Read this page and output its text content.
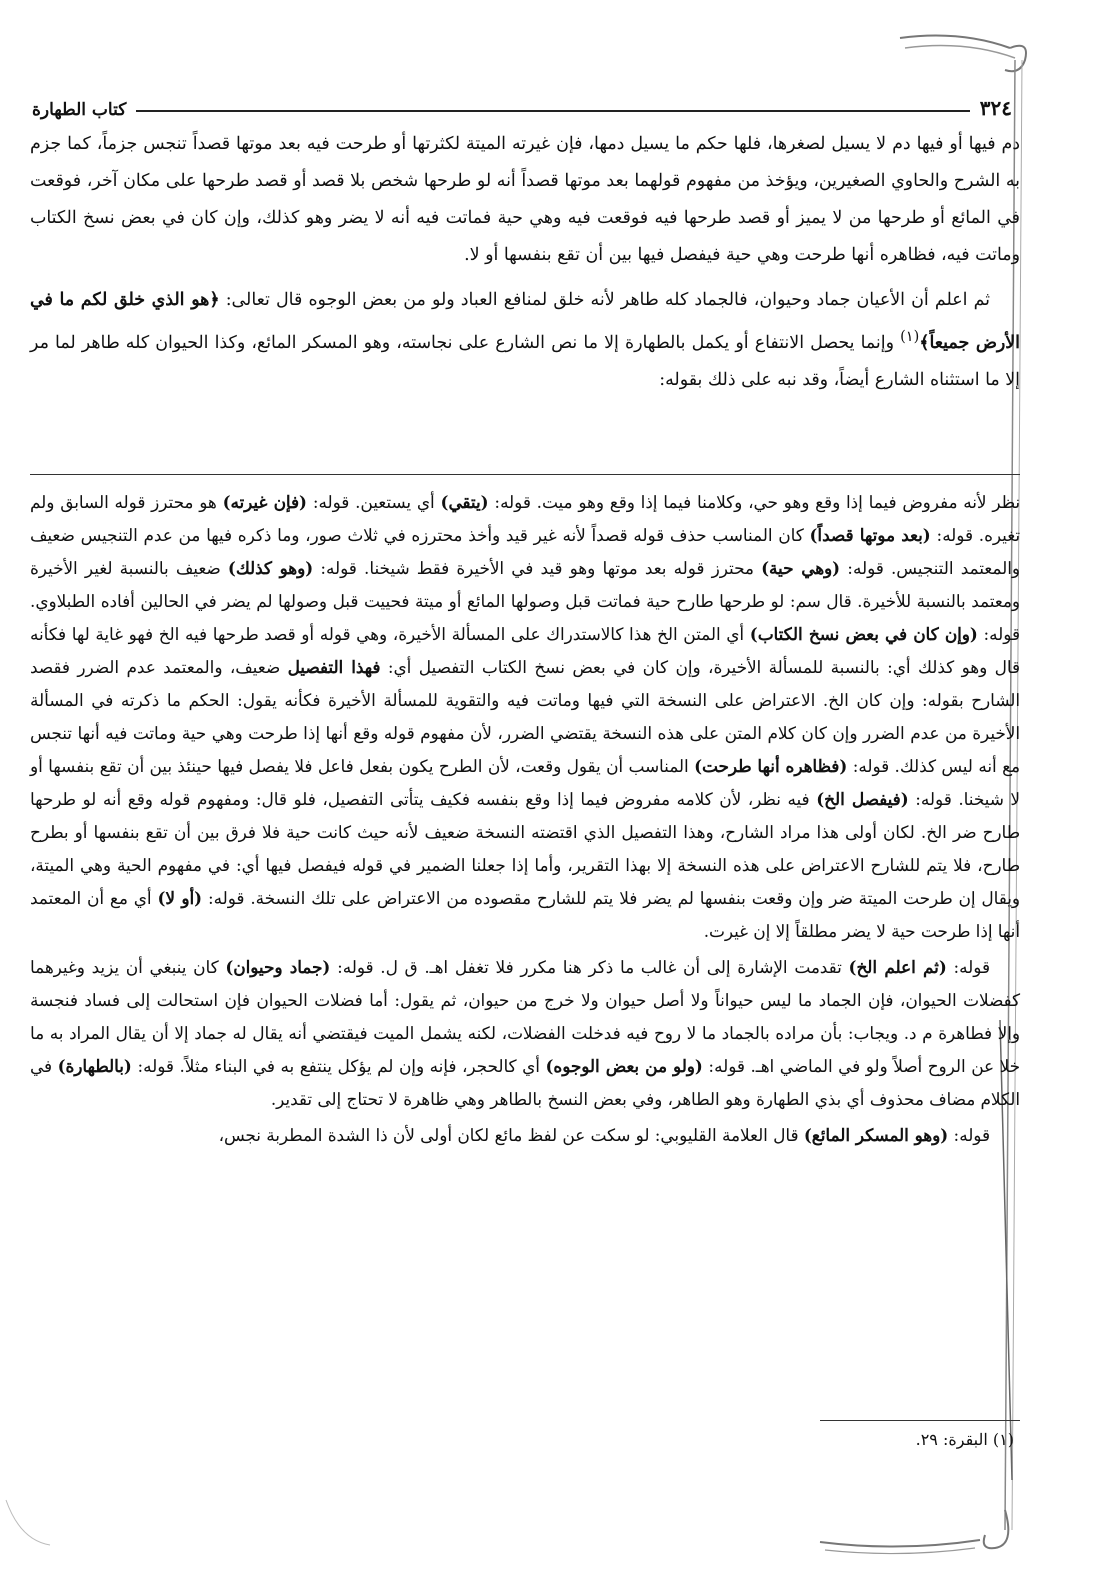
٣٢٤
كتاب الطهارة

دم فيها أو فيها دم لا يسيل لصغرها، فلها حكم ما يسيل دمها، فإن غيرته الميتة لكثرتها أو طرحت فيه بعد موتها قصداً تنجس جزماً، كما جزم به الشرح والحاوي الصغيرين، ويؤخذ من مفهوم قولهما بعد موتها قصداً أنه لو طرحها شخص بلا قصد أو قصد طرحها على مكان آخر، فوقعت في المائع أو طرحها من لا يميز أو قصد طرحها فيه فوقعت فيه وهي حية فماتت فيه أنه لا يضر وهو كذلك، وإن كان في بعض نسخ الكتاب وماتت فيه، فظاهره أنها طرحت وهي حية فيفصل فيها بين أن تقع بنفسها أو لا.

ثم اعلم أن الأعيان جماد وحيوان، فالجماد كله طاهر لأنه خلق لمنافع العباد ولو من بعض الوجوه قال تعالى: ﴿هو الذي خلق لكم ما في الأرض جميعاً﴾$^{(١)}$ وإنما يحصل الانتفاع أو يكمل بالطهارة إلا ما نص الشارع على نجاسته، وهو المسكر المائع، وكذا الحيوان كله طاهر لما مر إلا ما استثناه الشارع أيضاً، وقد نبه على ذلك بقوله:

نظر لأنه مفروض فيما إذا وقع وهو حي، وكلامنا فيما إذا وقع وهو ميت. قوله: (يتقي) أي يستعين. قوله: (فإن غيرته) هو محترز قوله السابق ولم تغيره. قوله: (بعد موتها قصداً) كان المناسب حذف قوله قصداً لأنه غير قيد وأخذ محترزه في ثلاث صور، وما ذكره فيها من عدم التنجيس ضعيف والمعتمد التنجيس. قوله: (وهي حية) محترز قوله بعد موتها وهو قيد في الأخيرة فقط شيخنا. قوله: (وهو كذلك) ضعيف بالنسبة لغير الأخيرة ومعتمد بالنسبة للأخيرة. قال سم: لو طرحها طارح حية فماتت قبل وصولها المائع أو ميتة فحييت قبل وصولها لم يضر في الحالين أفاده الطبلاوي. قوله: (وإن كان في بعض نسخ الكتاب) أي المتن الخ هذا كالاستدراك على المسألة الأخيرة، وهي قوله أو قصد طرحها فيه الخ فهو غاية لها فكأنه قال وهو كذلك أي: بالنسبة للمسألة الأخيرة، وإن كان في بعض نسخ الكتاب التفصيل أي: فهذا التفصيل ضعيف، والمعتمد عدم الضرر فقصد الشارح بقوله: وإن كان الخ. الاعتراض على النسخة التي فيها وماتت فيه والتقوية للمسألة الأخيرة فكأنه يقول: الحكم ما ذكرته في المسألة الأخيرة من عدم الضرر وإن كان كلام المتن على هذه النسخة يقتضي الضرر، لأن مفهوم قوله وقع أنها إذا طرحت وهي حية وماتت فيه أنها تنجس مع أنه ليس كذلك. قوله: (فظاهره أنها طرحت) المناسب أن يقول وقعت، لأن الطرح يكون بفعل فاعل فلا يفصل فيها حينئذ بين أن تقع بنفسها أو لا شيخنا. قوله: (فيفصل الخ) فيه نظر، لأن كلامه مفروض فيما إذا وقع بنفسه فكيف يتأتى التفصيل، فلو قال: ومفهوم قوله وقع أنه لو طرحها طارح ضر الخ. لكان أولى هذا مراد الشارح، وهذا التفصيل الذي اقتضته النسخة ضعيف لأنه حيث كانت حية فلا فرق بين أن تقع بنفسها أو بطرح طارح، فلا يتم للشارح الاعتراض على هذه النسخة إلا بهذا التقرير، وأما إذا جعلنا الضمير في قوله فيفصل فيها أي: في مفهوم الحية وهي الميتة، ويقال إن طرحت الميتة ضر وإن وقعت بنفسها لم يضر فلا يتم للشارح مقصوده من الاعتراض على تلك النسخة. قوله: (أو لا) أي مع أن المعتمد أنها إذا طرحت حية لا يضر مطلقاً إلا إن غيرت.

قوله: (ثم اعلم الخ) تقدمت الإشارة إلى أن غالب ما ذكر هنا مكرر فلا تغفل اهـ. ق ل. قوله: (جماد وحيوان) كان ينبغي أن يزيد وغيرهما كفضلات الحيوان، فإن الجماد ما ليس حيواناً ولا أصل حيوان ولا خرج من حيوان، ثم يقول: أما فضلات الحيوان فإن استحالت إلى فساد فنجسة وإلا فطاهرة م د. ويجاب: بأن مراده بالجماد ما لا روح فيه فدخلت الفضلات، لكنه يشمل الميت فيقتضي أنه يقال له جماد إلا أن يقال المراد به ما خلا عن الروح أصلاً ولو في الماضي اهـ. قوله: (ولو من بعض الوجوه) أي كالحجر، فإنه وإن لم يؤكل ينتفع به في البناء مثلاً. قوله: (بالطهارة) في الكلام مضاف محذوف أي بذي الطهارة وهو الطاهر، وفي بعض النسخ بالطاهر وهي ظاهرة لا تحتاج إلى تقدير.

قوله: (وهو المسكر المائع) قال العلامة القليوبي: لو سكت عن لفظ مائع لكان أولى لأن ذا الشدة المطربة نجس،

(١) البقرة: ٢٩.
